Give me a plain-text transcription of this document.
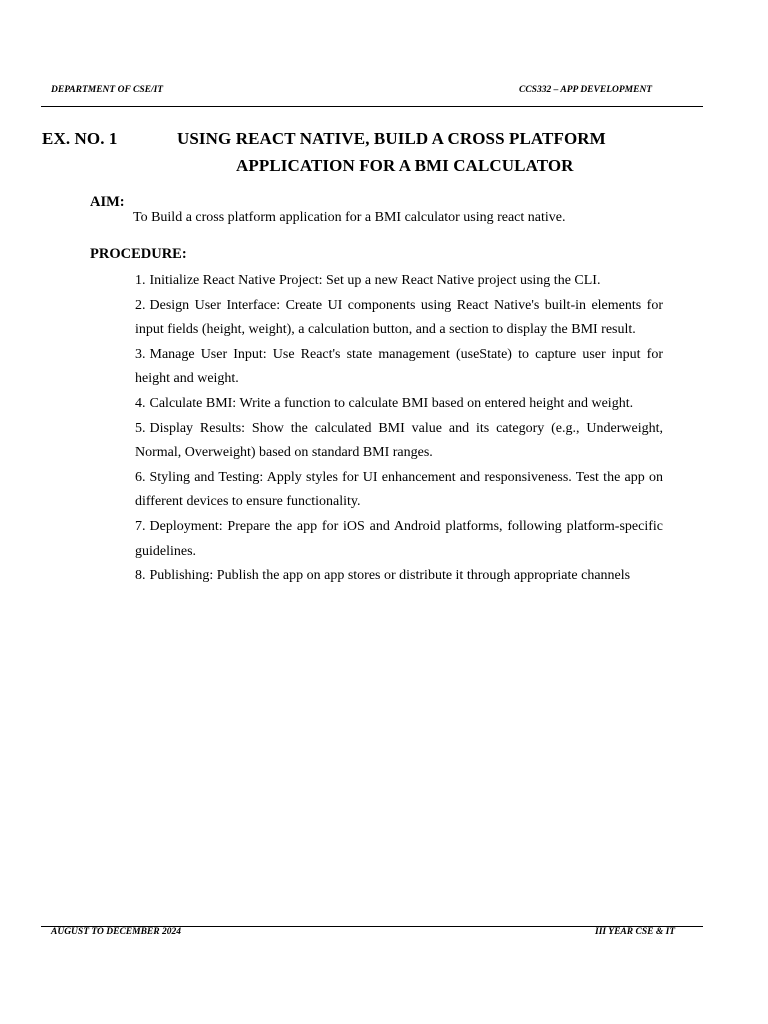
DEPARTMENT OF CSE/IT	CCS332 – APP DEVELOPMENT
EX. NO. 1	USING REACT NATIVE, BUILD A CROSS PLATFORM
APPLICATION FOR A BMI CALCULATOR
AIM:
To Build a cross platform application for a BMI calculator using react native.
PROCEDURE:
1. Initialize React Native Project: Set up a new React Native project using the CLI.
2. Design User Interface: Create UI components using React Native's built-in elements for input fields (height, weight), a calculation button, and a section to display the BMI result.
3. Manage User Input: Use React's state management (useState) to capture user input for height and weight.
4. Calculate BMI: Write a function to calculate BMI based on entered height and weight.
5. Display Results: Show the calculated BMI value and its category (e.g., Underweight, Normal, Overweight) based on standard BMI ranges.
6. Styling and Testing: Apply styles for UI enhancement and responsiveness. Test the app on different devices to ensure functionality.
7. Deployment: Prepare the app for iOS and Android platforms, following platform-specific guidelines.
8. Publishing: Publish the app on app stores or distribute it through appropriate channels
AUGUST TO DECEMBER 2024	III YEAR CSE & IT
